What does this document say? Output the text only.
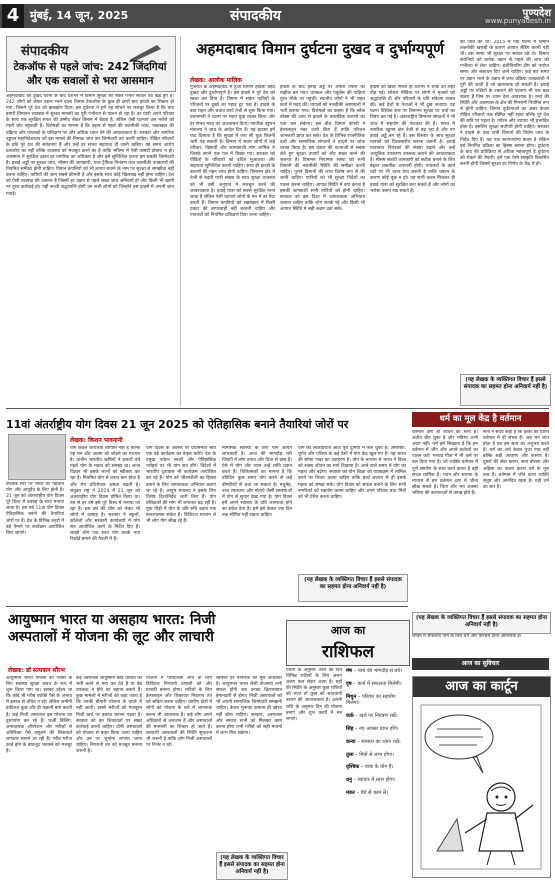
4 मुंबई, 14 जून, 2025	संपादकीय	पुण्यदेश
www.punyadesh.in
संपादकीय
टेकऑफ से पहले जांच: 242 जिंदगियां और एक सवालों से भरा आसमान
अहमदाबाद की दुखद घटना के बाद देशभर में विमान सुरक्षा को लेकर गंभीर सवाल उठ खड़े हुए हैं। 242 लोगों को लेकर उड़ान भरने वाला विमान टेकऑफ के कुछ ही क्षणों बाद हादसे का शिकार हो गया, जिसने पूरे देश को झकझोर दिया। इस दुर्घटना ने हमें यह सोचने पर मजबूर किया है कि क्या हमारी विमानन व्यवस्था में सुरक्षा मानकों का पूरी गंभीरता से पालन हो रहा है। हर यात्री अपने परिवार के साथ एक सुरक्षित सफर की उम्मीद लेकर विमान में बैठता है, लेकिन ऐसी घटनाएं उस भरोसे को गहरी चोट पहुंचाती हैं। विशेषज्ञों का मानना है कि उड़ान से पहले की तकनीकी जांच, रखरखाव की प्रक्रिया और पायलटों के प्रशिक्षण पर और अधिक ध्यान देने की आवश्यकता है। सरकार और नागरिक उड्डयन महानिदेशालय को इस मामले की निष्पक्ष जांच कर जिम्मेदारी तय करनी चाहिए। पीड़ित परिवारों के प्रति पूरे देश की संवेदनाएं हैं और उन्हें हर संभव सहायता दी जानी चाहिए। यह समय आरोप प्रत्यारोप का नहीं बल्कि व्यवस्था को मजबूत करने का है ताकि भविष्य में ऐसी त्रासदी दोबारा न हो। आसमान में सुरक्षित उड़ान हर नागरिक का अधिकार है और इसे सुनिश्चित करना हम सबकी जिम्मेदारी है। हवाई अड्डों पर सुरक्षा जांच, मौसम की जानकारी, एयर ट्रैफिक नियंत्रण तथा तकनीकी उपकरणों की नियमित समीक्षा होनी चाहिए। विमान कंपनियों को भी लागत बचाने के नाम पर सुरक्षा से समझौता नहीं करना चाहिए। यात्रियों की जान सबसे कीमती है और इसके साथ कोई खिलवाड़ नहीं होना चाहिए। देश को ऐसी व्यवस्था की जरूरत है जिसमें हर उड़ान से पहले सख्त जांच अनिवार्य हो और किसी भी खामी पर तुरंत कार्रवाई हो। यही सच्ची श्रद्धांजलि होगी उन सभी लोगों को जिन्होंने इस हादसे में अपनी जान गंवाई।
अहमदाबाद विमान दुर्घटना दुखद व दुर्भाग्यपूर्ण
लेखक: आलोक मालिक
गुजरात के अहमदाबाद में हुआ विमान हादसा बेहद दुखद और दुर्भाग्यपूर्ण है। इस हादसे ने पूरे देश को स्तब्ध कर दिया है। विमान में सवार यात्रियों के परिजनों पर दुखों का पहाड़ टूट पड़ा है। हादसे के बाद राहत और बचाव कार्य तेजी से शुरू किया गया। प्रधानमंत्री ने घटना पर गहरा दुख व्यक्त किया और हर संभव मदद का आश्वासन दिया। नागरिक उड्डयन मंत्रालय ने जांच के आदेश दिए हैं। यह हादसा हमें याद दिलाता है कि सुरक्षा में जरा सी चूक कितनी भारी पड़ सकती है। विमान में सवार लोगों में कई परिवार, विद्यार्थी और कामकाजी लोग शामिल थे जिनके सपने एक पल में बिखर गए। सरकार को पीड़ितों के परिवारों को उचित मुआवजा और सहायता सुनिश्चित करनी चाहिए। साथ ही हादसे के कारणों की गहन जांच होनी चाहिए। विमानन क्षेत्र में तेजी से बढ़ती यात्री संख्या के साथ सुरक्षा व्यवस्था को भी उसी अनुपात में मजबूत करने की आवश्यकता है। हवाई यात्रा को सबसे सुरक्षित माना जाता है लेकिन ऐसी घटनाएं लोगों के मन में डर पैदा करती हैं। विमान कंपनियों को रखरखाव में किसी प्रकार की लापरवाही नहीं बरतनी चाहिए और पायलटों को नियमित प्रशिक्षण दिया जाना चाहिए।
हादसे के बाद हवाई अड्डे पर अफरा तफरी का माहौल बन गया। दमकल और एंबुलेंस की गाड़ियां तुरंत मौके पर पहुंचीं। स्थानीय लोगों ने भी राहत कार्य में मदद की। घायलों को नजदीकी अस्पतालों में भर्ती कराया गया। विशेषज्ञों का कहना है कि ब्लैक बॉक्स की जांच से हादसे के वास्तविक कारणों का पता चल सकेगा। इस बीच विमान कंपनी ने हेल्पलाइन नंबर जारी किए हैं ताकि परिजन जानकारी प्राप्त कर सकें। देश के विभिन्न राजनीतिक दलों और सामाजिक संगठनों ने हादसे पर शोक व्यक्त किया है। इस प्रकार की घटनाओं से सबक लेते हुए सुरक्षा उपायों को और सख्त करने की जरूरत है। विमानन नियामक संस्था को सभी विमानों की तकनीकी स्थिति की समीक्षा करनी चाहिए। पुराने विमानों की जांच विशेष रूप से की जानी चाहिए। यात्रियों को भी सुरक्षा निर्देशों का पालन करना चाहिए। आपात स्थिति में क्या करना है इसकी जानकारी सभी यात्रियों को होनी चाहिए। सरकार को इस दिशा में जागरूकता अभियान चलाना चाहिए ताकि लोग सतर्क रहें और किसी भी आपात स्थिति में सही कदम उठा सकें।
हादसे की खबर मिलते ही देशभर में शोक की लहर दौड़ गई। सोशल मीडिया पर लोगों ने मृतकों को श्रद्धांजलि दी और परिवारों के प्रति संवेदना व्यक्त की। कई देशों के नेताओं ने भी दुख जताया। यह घटना वैश्विक स्तर पर विमानन सुरक्षा पर चर्चा का विषय बन गई है। अंतरराष्ट्रीय विमानन संगठनों ने भी जांच में सहयोग की पेशकश की है। भारत में नागरिक उड्डयन क्षेत्र तेजी से बढ़ रहा है और नए हवाई अड्डे बन रहे हैं। इस विस्तार के साथ सुरक्षा मानकों को विश्वस्तरीय बनाना जरूरी है। हवाई यातायात नियंत्रकों की संख्या बढ़ाने और उन्हें आधुनिक उपकरण उपलब्ध कराने की आवश्यकता है। मौसम संबंधी जानकारी को सटीक बनाने के लिए बेहतर तकनीक अपनानी होगी। पायलटों के कार्य घंटों पर भी ध्यान देना जरूरी है ताकि थकान के कारण कोई चूक न हो। यह सभी कदम मिलकर ही हवाई यात्रा को सुरक्षित बना सकते हैं और लोगों का भरोसा बनाए रख सकते हैं।
की जांच की थी। 2015 में एक घटना में विमान तकनीकी खराबी के कारण आपात लैंडिंग करनी पड़ी थी। उस समय भी सुरक्षा पर सवाल उठे थे। विमान कंपनियों को प्रत्येक उड़ान से पहले की जांच को गंभीरता से लेना चाहिए। इंजीनियरिंग टीम को पर्याप्त समय और संसाधन दिए जाने चाहिए। कई बार समय पर उड़ान भरने के दबाव में जांच प्रक्रिया जल्दबाजी में पूरी की जाती है जो खतरनाक हो सकती है। हवाई अड्डों पर पक्षियों के टकराने की घटनाएं भी एक बड़ा खतरा हैं जिन पर ध्यान देना आवश्यक है। रनवे की स्थिति और आसपास के क्षेत्र की निगरानी नियमित रूप से होनी चाहिए। विमान दुर्घटनाओं का असर केवल पीड़ित परिवारों तक सीमित नहीं रहता बल्कि पूरे देश की छवि पर पड़ता है। पर्यटन और व्यापार भी प्रभावित होता है। इसलिए सुरक्षा सर्वोपरि होनी चाहिए। सरकार ने हादसे के बाद सभी विमानों की विशेष जांच के निर्देश दिए हैं। यह एक स्वागतयोग्य कदम है लेकिन इसे नियमित प्रक्रिया का हिस्सा बनाना होगा। दुर्घटना के बाद की प्रतिक्रिया से अधिक महत्वपूर्ण है दुर्घटना को रोकने की तैयारी। हमें एक ऐसी संस्कृति विकसित करनी होगी जिसमें सुरक्षा हर निर्णय के केंद्र में हो।
(यह लेखक के व्यक्तिगत विचार हैं इससे संपादक का सहमत होना अनिवार्य नहीं है)
11वां अंतर्राष्ट्रीय योग दिवस 21 जून 2025 को ऐतिहासिक बनाने तैयारियां जोरों पर
लेखक: किशन भावनानी
वैश्विक स्तर पर भारत की पहचान योग और आयुर्वेद के लिए होती है। 21 जून को अंतरराष्ट्रीय योग दिवस पूरे विश्व में उत्साह के साथ मनाया जाता है। इस वर्ष 11वां योग दिवस ऐतिहासिक बनाने की तैयारियां जोरों पर हैं। देश के विभिन्न शहरों में बड़े पैमाने पर कार्यक्रम आयोजित किए जाएंगे।
योग केवल शारीरिक व्यायाम नहीं है बल्कि यह मन और आत्मा को जोड़ने का माध्यम है। प्राचीन भारतीय ऋषियों ने हजारों वर्ष पहले योग के महत्व को समझा था। आज विज्ञान भी इसके लाभों को स्वीकार कर रहा है। नियमित योग से तनाव कम होता है और रोग प्रतिरोधक क्षमता बढ़ती है। संयुक्त राष्ट्र ने 2014 में 21 जून को अंतरराष्ट्रीय योग दिवस घोषित किया था। तब से हर वर्ष इसे पूरे विश्व में मनाया जा रहा है। इस वर्ष की थीम को लेकर भी लोगों में उत्साह है। सरकार ने स्कूलों, कॉलेजों और सरकारी कार्यालयों में योग सत्र आयोजित करने के निर्देश दिए हैं। लाखों लोग एक साथ योग करके नया रिकॉर्ड बनाने की तैयारी में हैं।
योग दिवस के अवसर पर प्रधानमंत्री स्वयं एक बड़े कार्यक्रम का नेतृत्व करेंगे। देश के प्रमुख पर्यटन स्थलों और ऐतिहासिक धरोहरों पर भी योग सत्र होंगे। विदेशों में भारतीय दूतावास भी कार्यक्रम आयोजित कर रहे हैं। योग को जीवनशैली का हिस्सा बनाने के लिए जागरूकता अभियान चलाए जा रहे हैं। आयुष मंत्रालय ने इसके लिए विशेष दिशानिर्देश जारी किए हैं। योग प्रशिक्षकों की मांग भी लगातार बढ़ रही है। युवा पीढ़ी में योग के प्रति रुचि बढ़ना एक सकारात्मक संकेत है। डिजिटल माध्यम से भी लोग योग सीख रहे हैं।
मानसिक स्वास्थ्य के लिए योग अत्यंत लाभकारी है। आज की भागदौड़ भरी जिंदगी में लोग तनाव और चिंता से ग्रस्त हैं। ऐसे में योग और ध्यान उन्हें शांति प्रदान करते हैं। चिकित्सकों का मानना है कि प्रतिदिन कुछ समय योग करने से कई बीमारियों से बचा जा सकता है। मधुमेह, उच्च रक्तचाप और मोटापे जैसी समस्याओं में योग से सुधार देखा गया है। योग दिवस हमें अपने स्वास्थ्य के प्रति जागरूक होने का संदेश देता है। हमें इसे केवल एक दिन तक सीमित नहीं रखना चाहिए।
योग की लोकप्रियता आज पूरी दुनिया में फैल चुकी है। अमेरिका, यूरोप और एशिया के कई देशों में योग केंद्र खुल गए हैं। यह भारत की सॉफ्ट पावर का उदाहरण है। योग के माध्यम से भारत ने विश्व को स्वस्थ जीवन का मार्ग दिखाया है। आने वाले समय में योग का महत्व और बढ़ेगा। सरकार को योग शिक्षा को पाठ्यक्रम में शामिल करने पर विचार करना चाहिए ताकि बच्चे बचपन से ही इसके महत्व को समझ सकें। योग दिवस को सफल बनाने के लिए सभी नागरिकों को सहयोग करना चाहिए और अपने परिवार तथा मित्रों को भी प्रेरित करना चाहिए।
(यह लेखक के व्यक्तिगत विचार हैं इससे संपादक का सहमत होना अनिवार्य नहीं है)
धर्म का मूल केंद्र है वर्तमान
वर्तमान क्षण ही जीवन का सत्य है। अतीत बीत चुका है और भविष्य अभी आया नहीं। धर्म हमें सिखाता है कि हम वर्तमान में जीएं और अपने कर्तव्यों का पालन करें। भगवद गीता में भी कर्म पर बल दिया गया है। जो व्यक्ति वर्तमान में पूर्ण समर्पण के साथ कार्य करता है वही सच्चा धार्मिक है। ध्यान और साधना के माध्यम से हम वर्तमान क्षण में जीना सीख सकते हैं। चिंता और भय अक्सर भविष्य की कल्पनाओं से उत्पन्न होते हैं।
संतों ने सदैव कहा है कि ईश्वर की प्राप्ति वर्तमान में ही संभव है। जब मन शांत होता है तब हम सत्य का अनुभव करते हैं। धर्म का अर्थ केवल पूजा पाठ नहीं बल्कि सही आचरण और करुणा है। दूसरों की सेवा करना, सत्य बोलना और अहिंसा का पालन करना धर्म के मूल तत्व हैं। वर्तमान में जीने वाला व्यक्ति संतुष्ट और आनंदित रहता है। यही धर्म का सार है।
(यह लेखक के व्यक्तिगत विचार हैं इससे संपादक का सहमत होना अनिवार्य नहीं है)
आयुष्मान भारत या असहाय भारत: निजी अस्पतालों में योजना की लूट और लाचारी
लेखक: डॉ सत्यवान सौरभ
आयुष्मान भारत योजना को गरीबों के लिए स्वास्थ्य सुरक्षा कवच के रूप में शुरू किया गया था। इसका उद्देश्य था कि कोई भी गरीब व्यक्ति पैसे के अभाव में इलाज से वंचित न रहे। लेकिन जमीनी हकीकत कुछ और ही कहानी बयां करती है। कई निजी अस्पताल इस योजना का दुरुपयोग कर रहे हैं। फर्जी बिलिंग, अनावश्यक ऑपरेशन और मरीजों से अतिरिक्त पैसे वसूलने की शिकायतें लगातार सामने आ रही हैं। गरीब मरीज कार्ड होने के बावजूद भटकने को मजबूर हैं।
कई अस्पताल आयुष्मान कार्ड धारकों को भर्ती करने से मना कर देते हैं या बेड उपलब्ध न होने का बहाना बनाते हैं। कुछ मामलों में मरीजों को कहा जाता है कि उनकी बीमारी योजना के दायरे में नहीं आती। इससे मरीजों को मजबूरन निजी खर्च पर इलाज कराना पड़ता है। सरकार को इन शिकायतों पर सख्त कार्रवाई करनी चाहिए। दोषी अस्पतालों को योजना से बाहर किया जाना चाहिए और उन पर जुर्माना लगाया जाना चाहिए। निगरानी तंत्र को मजबूत बनाना जरूरी है।
योजना में पारदर्शिता लाने के लिए डिजिटल निगरानी प्रणाली को और प्रभावी बनाना होगा। मरीजों के लिए हेल्पलाइन और शिकायत निवारण तंत्र को सक्रिय करना चाहिए। ग्रामीण क्षेत्रों में लोगों को योजना के बारे में जागरूक करना भी आवश्यक है। कई लोग अपने अधिकारों से अनजान हैं और अस्पतालों की मनमानी का शिकार हो जाते हैं। सरकारी अस्पतालों की स्थिति सुधारना भी जरूरी है ताकि लोग निजी अस्पतालों पर निर्भर न रहें।
स्वास्थ्य हर नागरिक का मूल अधिकार है। आयुष्मान भारत जैसी योजनाएं तभी सफल होंगी जब उनका क्रियान्वयन ईमानदारी से होगा। निजी अस्पतालों को भी अपनी सामाजिक जिम्मेदारी समझनी चाहिए। केवल मुनाफा कमाना ही उद्देश्य नहीं होना चाहिए। सरकार, अस्पताल और समाज सभी को मिलकर काम करना होगा तभी गरीबों को सही मायनों में लाभ मिल सकेगा।
(यह लेखक के व्यक्तिगत विचार हैं इससे संपादक का सहमत होना अनिवार्य नहीं है)
आज का
राशिफल
पंचांग के अनुसार आज का दिन विभिन्न राशियों के लिए अलग अलग फल लेकर आया है। ग्रहों की स्थिति के अनुसार कुछ राशियों को लाभ तो कुछ को सावधानी बरतने की आवश्यकता है। अपनी राशि के अनुसार दिन की योजना बनाएं और शुभ कार्यों में मन लगाएं।
मेष – व्यर्थ की भागदौड़ से बचें।
वृष – कार्य में सफलता मिलेगी।
मिथुन – परिवार का सहयोग मिलेगा।
कर्क – खर्च पर नियंत्रण रखें।
सिंह – नए अवसर प्राप्त होंगे।
कन्या – स्वास्थ्य का ध्यान रखें।
तुला – मित्रों से लाभ होगा।
वृश्चिक – यात्रा के योग हैं।
धनु – व्यापार में लाभ होगा।
मकर – धैर्य से काम लें।
जीवन में सफलता पाने के लिए धैर्य और परिश्रम दोनों आवश्यक हैं।
आज का सुविचार
आज का कार्टून
